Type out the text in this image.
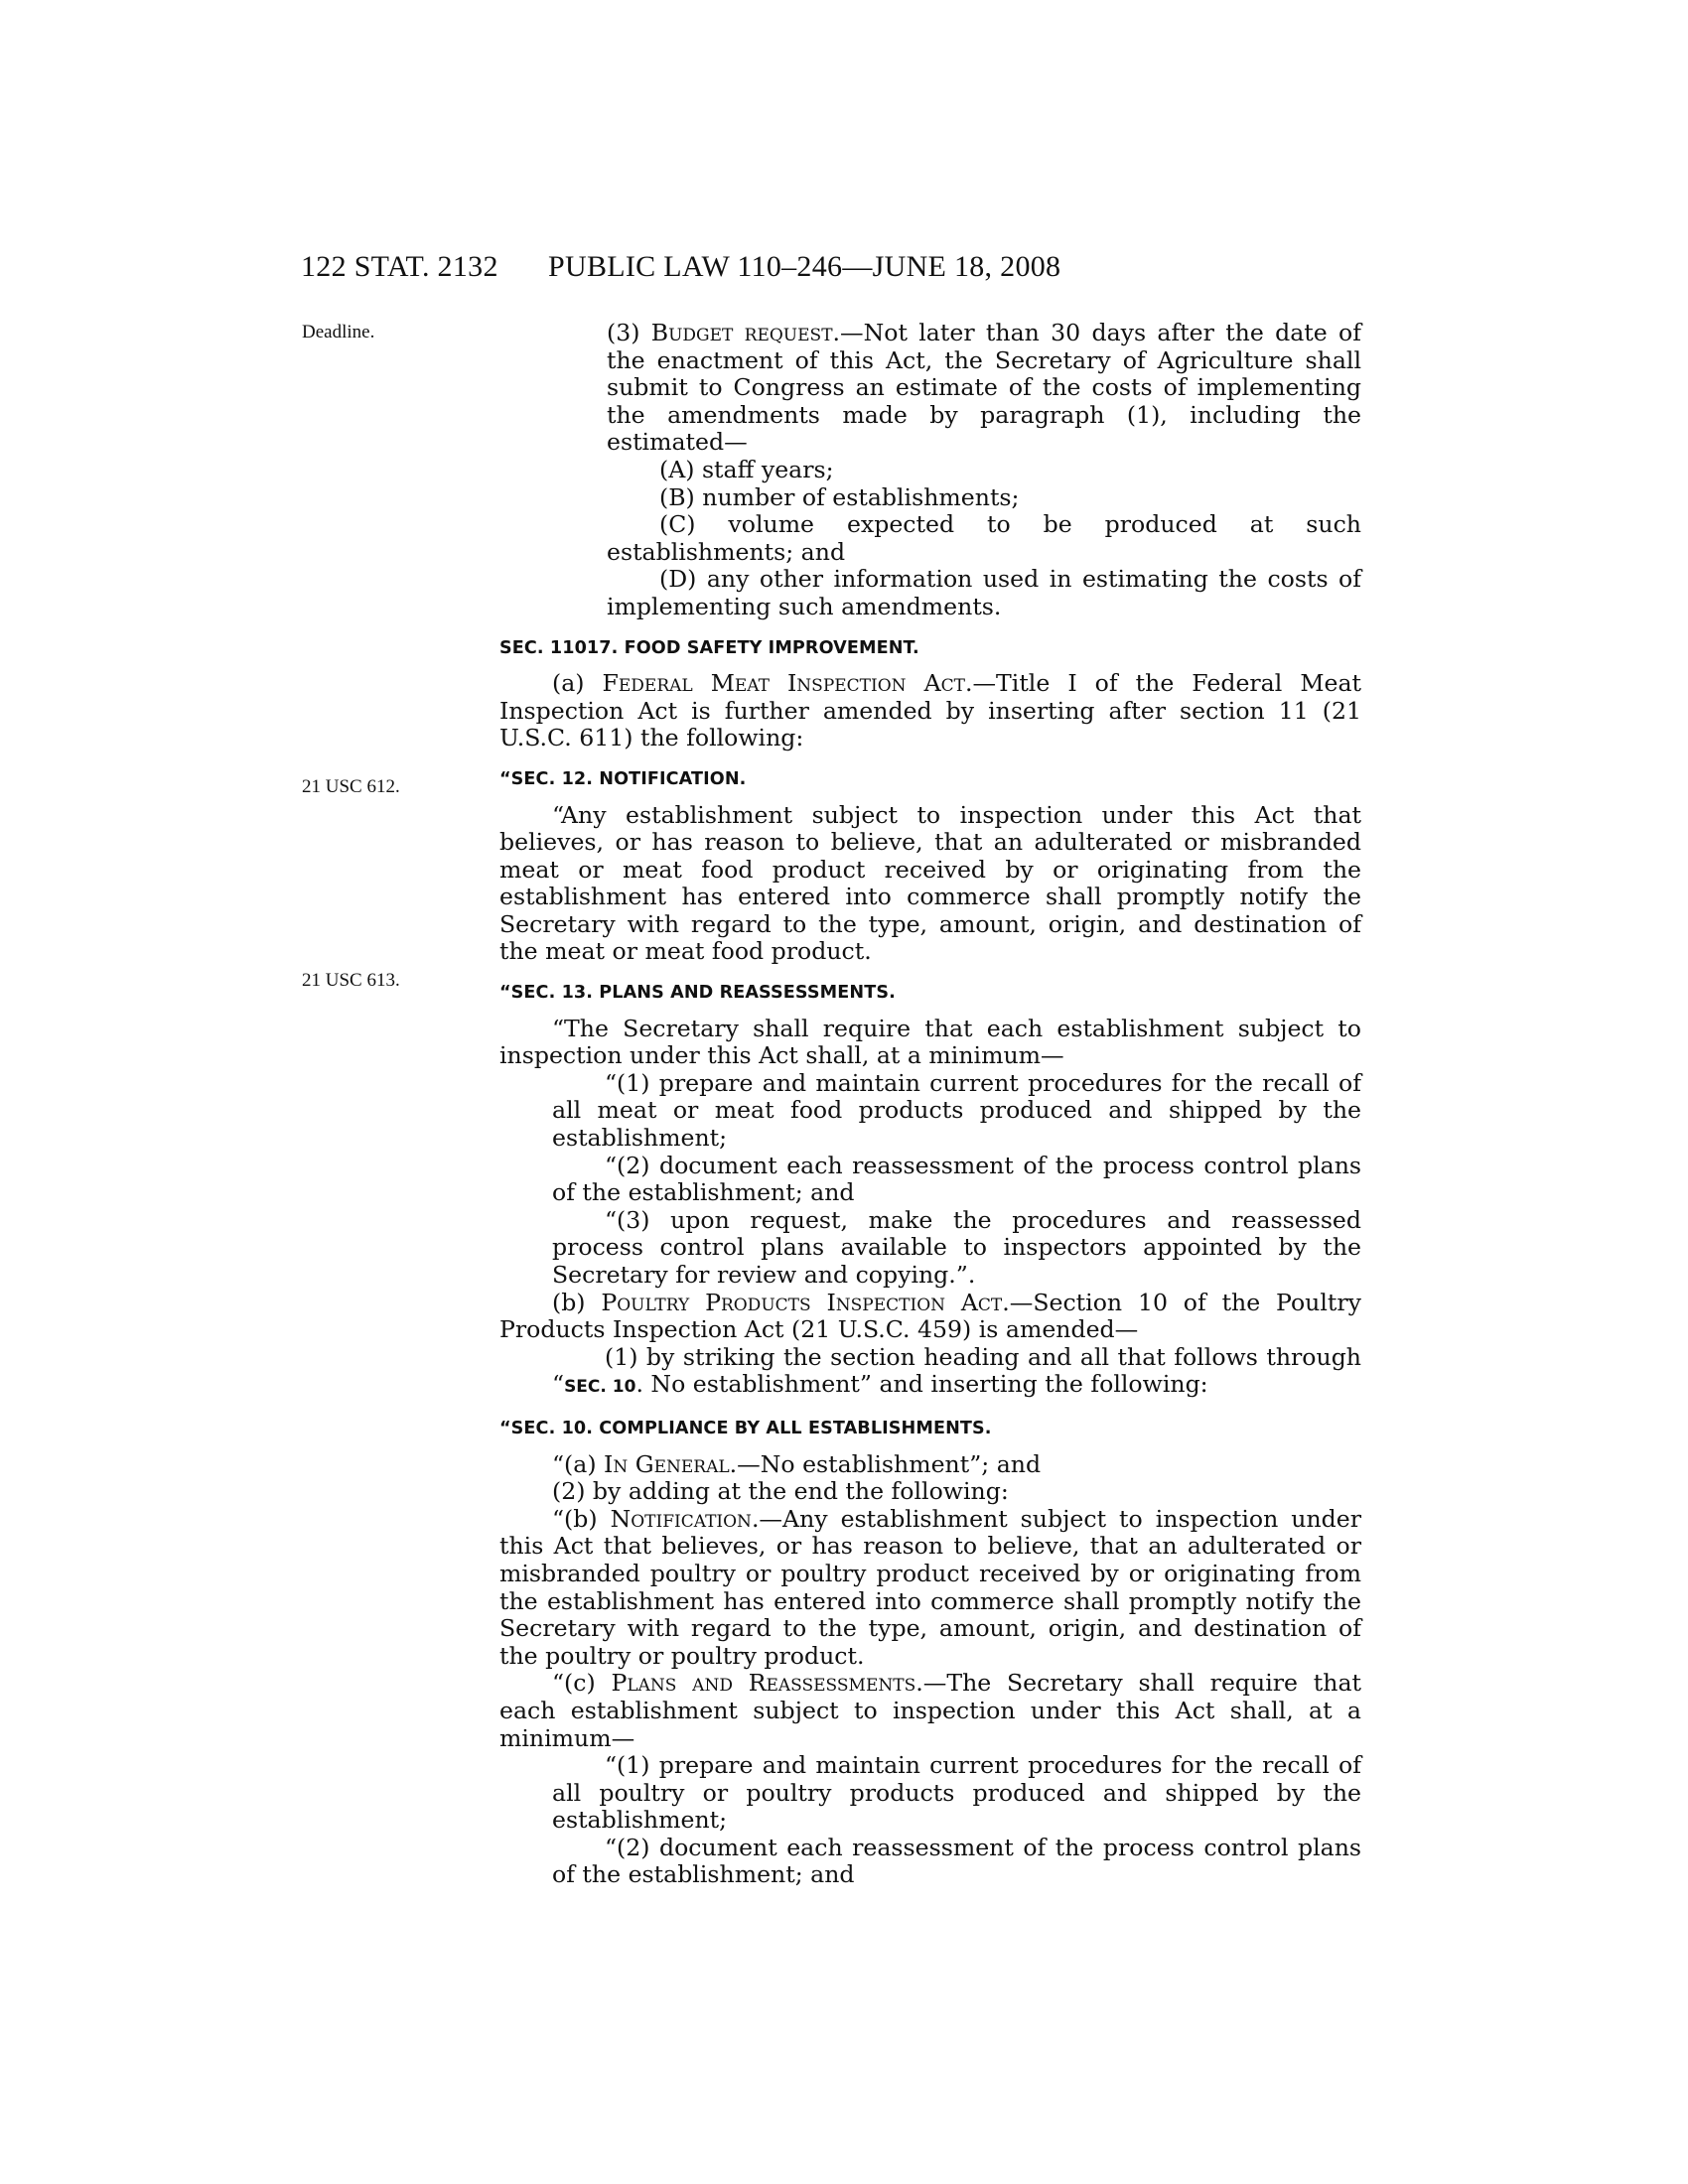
122 STAT. 2132 PUBLIC LAW 110–246—JUNE 18, 2008
Deadline.
21 USC 612.
21 USC 613.

(3) Budget request.—Not later than 30 days after the date of the enactment of this Act, the Secretary of Agriculture shall submit to Congress an estimate of the costs of implementing the amendments made by paragraph (1), including the estimated—

(A) staff years;

(B) number of establishments;

(C) volume expected to be produced at such establishments; and

(D) any other information used in estimating the costs of implementing such amendments.

SEC. 11017. FOOD SAFETY IMPROVEMENT.

(a) Federal Meat Inspection Act.—Title I of the Federal Meat Inspection Act is further amended by inserting after section 11 (21 U.S.C. 611) the following:

“SEC. 12. NOTIFICATION.

“Any establishment subject to inspection under this Act that believes, or has reason to believe, that an adulterated or misbranded meat or meat food product received by or originating from the establishment has entered into commerce shall promptly notify the Secretary with regard to the type, amount, origin, and destination of the meat or meat food product.

“SEC. 13. PLANS AND REASSESSMENTS.

“The Secretary shall require that each establishment subject to inspection under this Act shall, at a minimum—

“(1) prepare and maintain current procedures for the recall of all meat or meat food products produced and shipped by the establishment;

“(2) document each reassessment of the process control plans of the establishment; and

“(3) upon request, make the procedures and reassessed process control plans available to inspectors appointed by the Secretary for review and copying.”.

(b) Poultry Products Inspection Act.—Section 10 of the Poultry Products Inspection Act (21 U.S.C. 459) is amended—

(1) by striking the section heading and all that follows through “SEC. 10. No establishment” and inserting the following:

“SEC. 10. COMPLIANCE BY ALL ESTABLISHMENTS.

“(a) In General.—No establishment”; and

(2) by adding at the end the following:

“(b) Notification.—Any establishment subject to inspection under this Act that believes, or has reason to believe, that an adulterated or misbranded poultry or poultry product received by or originating from the establishment has entered into commerce shall promptly notify the Secretary with regard to the type, amount, origin, and destination of the poultry or poultry product.

“(c) Plans and Reassessments.—The Secretary shall require that each establishment subject to inspection under this Act shall, at a minimum—

“(1) prepare and maintain current procedures for the recall of all poultry or poultry products produced and shipped by the establishment;

“(2) document each reassessment of the process control plans of the establishment; and
